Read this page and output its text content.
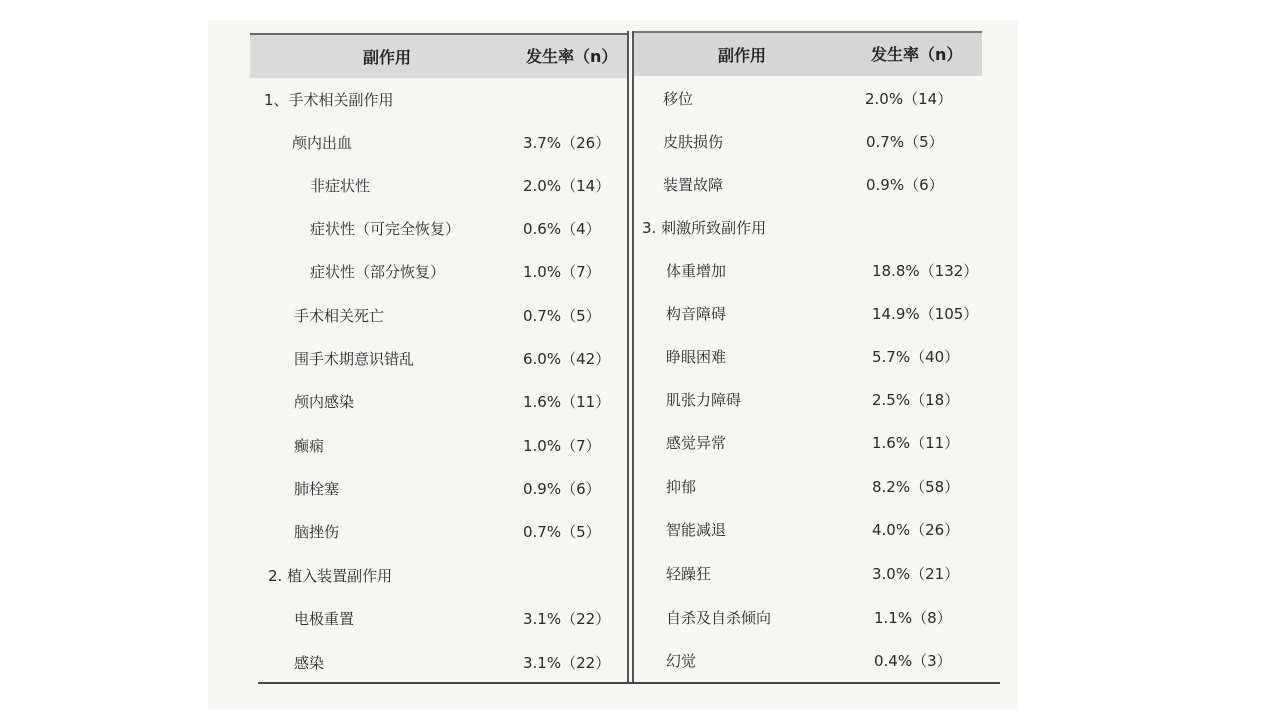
副作用	发生率（n）	副作用	发生率（n）
1、手术相关副作用
颅内出血	3.7%（26）
非症状性	2.0%（14）
症状性（可完全恢复）	0.6%（4）
症状性（部分恢复）	1.0%（7）
手术相关死亡	0.7%（5）
围手术期意识错乱	6.0%（42）
颅内感染	1.6%（11）
癫痫	1.0%（7）
肺栓塞	0.9%（6）
脑挫伤	0.7%（5）
2. 植入装置副作用
电极重置	3.1%（22）
感染	3.1%（22）
移位	2.0%（14）
皮肤损伤	0.7%（5）
装置故障	0.9%（6）
3. 刺激所致副作用
体重增加	18.8%（132）
构音障碍	14.9%（105）
睁眼困难	5.7%（40）
肌张力障碍	2.5%（18）
感觉异常	1.6%（11）
抑郁	8.2%（58）
智能减退	4.0%（26）
轻躁狂	3.0%（21）
自杀及自杀倾向	1.1%（8）
幻觉	0.4%（3）
